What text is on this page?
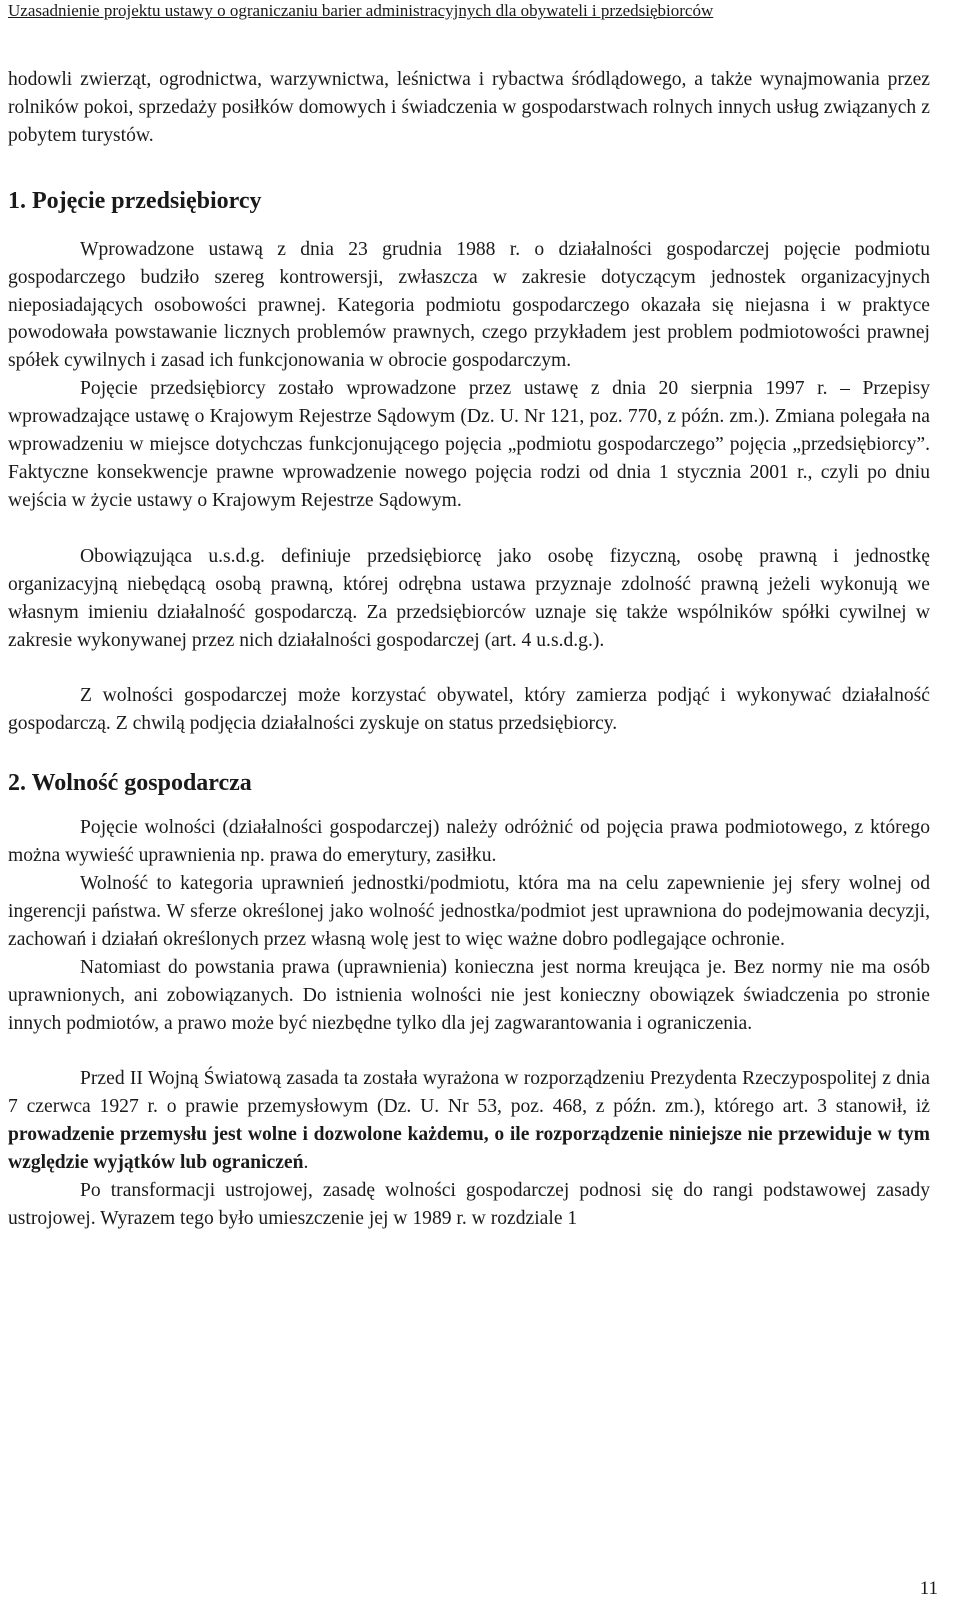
Uzasadnienie projektu ustawy o ograniczaniu barier administracyjnych dla obywateli i przedsiębiorców

hodowli zwierząt, ogrodnictwa, warzywnictwa, leśnictwa i rybactwa śródlądowego, a także wynajmowania przez rolników pokoi, sprzedaży posiłków domowych i świadczenia w gospodarstwach rolnych innych usług związanych z pobytem turystów.

1. Pojęcie przedsiębiorcy

Wprowadzone ustawą z dnia 23 grudnia 1988 r. o działalności gospodarczej pojęcie podmiotu gospodarczego budziło szereg kontrowersji, zwłaszcza w zakresie dotyczącym jednostek organizacyjnych nieposiadających osobowości prawnej. Kategoria podmiotu gospodarczego okazała się niejasna i w praktyce powodowała powstawanie licznych problemów prawnych, czego przykładem jest problem podmiotowości prawnej spółek cywilnych i zasad ich funkcjonowania w obrocie gospodarczym.

Pojęcie przedsiębiorcy zostało wprowadzone przez ustawę z dnia 20 sierpnia 1997 r. – Przepisy wprowadzające ustawę o Krajowym Rejestrze Sądowym (Dz. U. Nr 121, poz. 770, z późn. zm.). Zmiana polegała na wprowadzeniu w miejsce dotychczas funkcjonującego pojęcia „podmiotu gospodarczego” pojęcia „przedsiębiorcy”. Faktyczne konsekwencje prawne wprowadzenie nowego pojęcia rodzi od dnia 1 stycznia 2001 r., czyli po dniu wejścia w życie ustawy o Krajowym Rejestrze Sądowym.

Obowiązująca u.s.d.g. definiuje przedsiębiorcę jako osobę fizyczną, osobę prawną i jednostkę organizacyjną niebędącą osobą prawną, której odrębna ustawa przyznaje zdolność prawną jeżeli wykonują we własnym imieniu działalność gospodarczą. Za przedsiębiorców uznaje się także wspólników spółki cywilnej w zakresie wykonywanej przez nich działalności gospodarczej (art. 4 u.s.d.g.).

Z wolności gospodarczej może korzystać obywatel, który zamierza podjąć i wykonywać działalność gospodarczą. Z chwilą podjęcia działalności zyskuje on status przedsiębiorcy.

2. Wolność gospodarcza

Pojęcie wolności (działalności gospodarczej) należy odróżnić od pojęcia prawa podmiotowego, z którego można wywieść uprawnienia np. prawa do emerytury, zasiłku.

Wolność to kategoria uprawnień jednostki/podmiotu, która ma na celu zapewnienie jej sfery wolnej od ingerencji państwa. W sferze określonej jako wolność jednostka/podmiot jest uprawniona do podejmowania decyzji, zachowań i działań określonych przez własną wolę jest to więc ważne dobro podlegające ochronie.

Natomiast do powstania prawa (uprawnienia) konieczna jest norma kreująca je. Bez normy nie ma osób uprawnionych, ani zobowiązanych. Do istnienia wolności nie jest konieczny obowiązek świadczenia po stronie innych podmiotów, a prawo może być niezbędne tylko dla jej zagwarantowania i ograniczenia.

Przed II Wojną Światową zasada ta została wyrażona w rozporządzeniu Prezydenta Rzeczypospolitej z dnia 7 czerwca 1927 r. o prawie przemysłowym (Dz. U. Nr 53, poz. 468, z późn. zm.), którego art. 3 stanowił, iż prowadzenie przemysłu jest wolne i dozwolone każdemu, o ile rozporządzenie niniejsze nie przewiduje w tym względzie wyjątków lub ograniczeń.

Po transformacji ustrojowej, zasadę wolności gospodarczej podnosi się do rangi podstawowej zasady ustrojowej. Wyrazem tego było umieszczenie jej w 1989 r. w rozdziale 1

11
